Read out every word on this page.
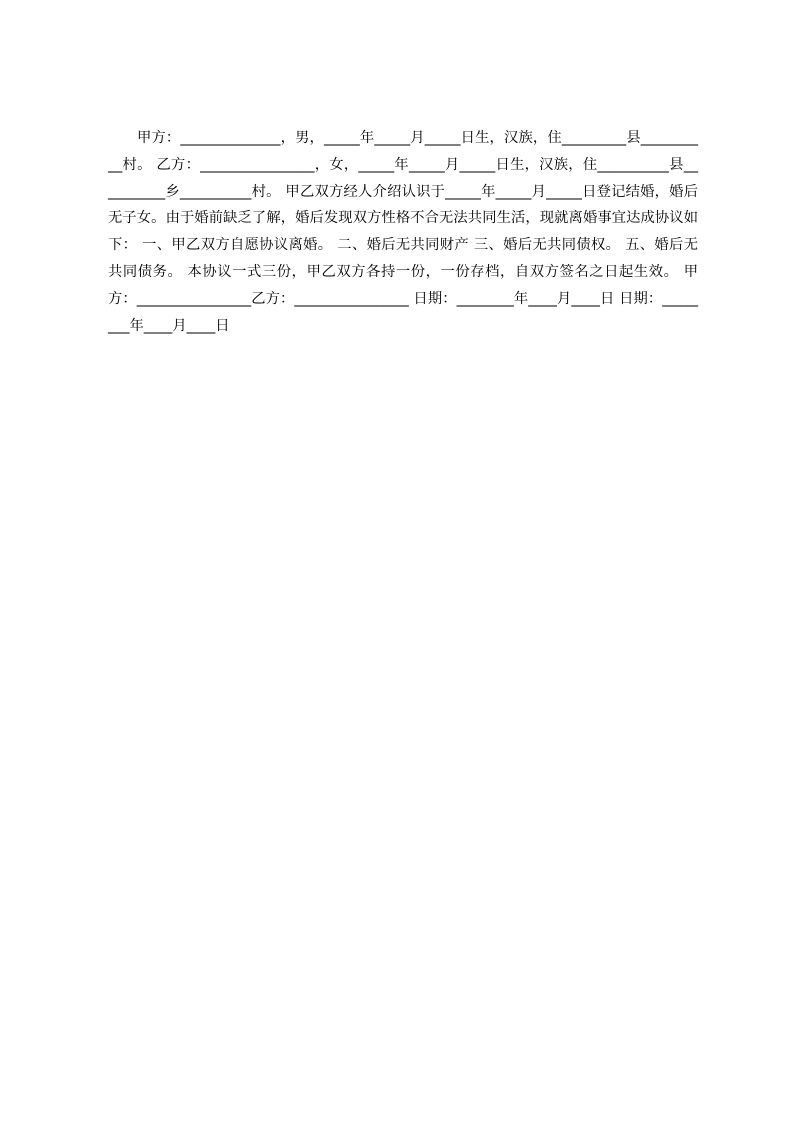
甲方：______________，男，_____年_____月_____日生，汉族，住_________县__________村。 乙方：________________，女，_____年_____月_____日生，汉族，住__________县__________乡__________村。 甲乙双方经人介绍认识于_____年_____月_____日登记结婚，婚后无子女。由于婚前缺乏了解，婚后发现双方性格不合无法共同生活，现就离婚事宜达成协议如下： 一、甲乙双方自愿协议离婚。 二、婚后无共同财产 三、婚后无共同债权。 五、婚后无共同债务。 本协议一式三份，甲乙双方各持一份，一份存档，自双方签名之日起生效。 甲方：________________乙方：________________ 日期：________年____月____日 日期：________年____月____日
